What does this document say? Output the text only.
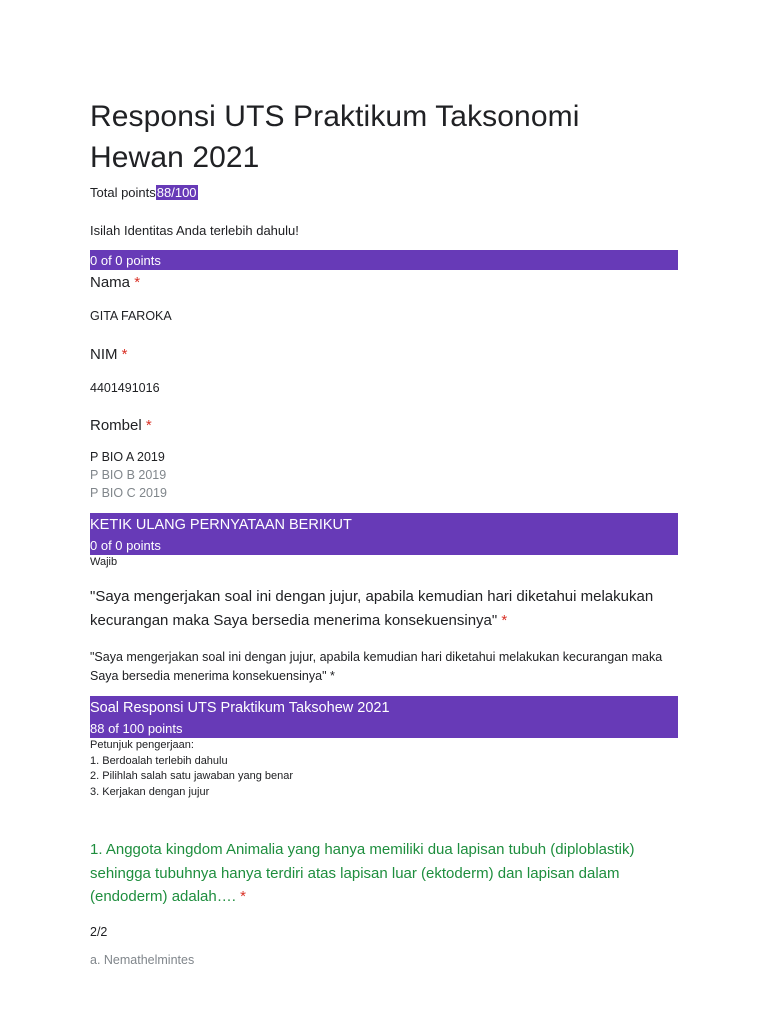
Responsi UTS Praktikum Taksonomi
Hewan 2021
Total points88/100
Isilah Identitas Anda terlebih dahulu!
0 of 0 points
Nama *
GITA FAROKA
NIM *
4401491016
Rombel *
P BIO A 2019
P BIO B 2019
P BIO C 2019
KETIK ULANG PERNYATAAN BERIKUT
0 of 0 points
Wajib
"Saya mengerjakan soal ini dengan jujur, apabila kemudian hari diketahui melakukan kecurangan maka Saya bersedia menerima konsekuensinya" *
"Saya mengerjakan soal ini dengan jujur, apabila kemudian hari diketahui melakukan kecurangan maka Saya bersedia menerima konsekuensinya" *
Soal Responsi UTS Praktikum Taksohew 2021
88 of 100 points
Petunjuk pengerjaan:
1. Berdoalah terlebih dahulu
2. Pilihlah salah satu jawaban yang benar
3. Kerjakan dengan jujur
1. Anggota kingdom Animalia yang hanya memiliki dua lapisan tubuh (diploblastik) sehingga tubuhnya hanya terdiri atas lapisan luar (ektoderm) dan lapisan dalam (endoderm) adalah…. *
2/2
a. Nemathelmintes
